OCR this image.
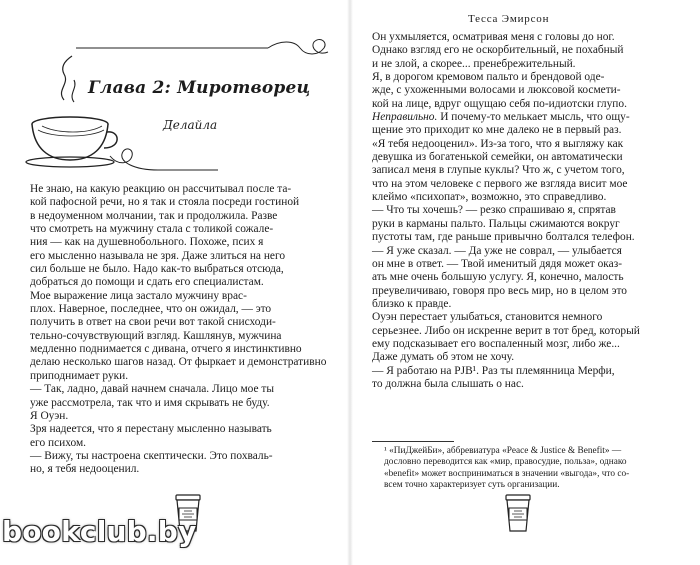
Глава 2: Миротворец
Делайла
Не знаю, на какую реакцию он рассчитывал после та-
кой пафосной речи, но я так и стояла посреди гостиной
в недоуменном молчании, так и продолжила. Разве
что смотреть на мужчину стала с толикой сожале-
ния — как на душевнобольного. Похоже, псих я
его мысленно называла не зря. Даже злиться на него
сил больше не было. Надо как-то выбраться отсюда,
добраться до помощи и сдать его специалистам.
Мое выражение лица застало мужчину врас-
плох. Наверное, последнее, что он ожидал, — это
получить в ответ на свои речи вот такой снисходи-
тельно-сочувствующий взгляд. Кашлянув, мужчина
медленно поднимается с дивана, отчего я инстинктивно
делаю несколько шагов назад. От фыркает и демонстративно
приподнимает руки.
— Так, ладно, давай начнем сначала. Лицо мое ты
уже рассмотрела, так что и имя скрывать не буду.
Я Оуэн.
Зря надеется, что я перестану мысленно называть
его психом.
— Вижу, ты настроена скептически. Это похваль-
но, я тебя недооценил.
Тесса Эмирсон
Он ухмыляется, осматривая меня с головы до ног.
Однако взгляд его не оскорбительный, не похабный
и не злой, а скорее... пренебрежительный.
Я, в дорогом кремовом пальто и брендовой оде-
жде, с ухоженными волосами и люксовой космети-
кой на лице, вдруг ощущаю себя по-идиотски глупо.
Неправильно. И почему-то мелькает мысль, что ощу-
щение это приходит ко мне далеко не в первый раз.
«Я тебя недооценил». Из-за того, что я выгляжу как
девушка из богатенькой семейки, он автоматически
записал меня в глупые куклы? Что ж, с учетом того,
что на этом человеке с первого же взгляда висит мое
клеймо «психопат», возможно, это справедливо.
— Что ты хочешь? — резко спрашиваю я, спрятав
руки в карманы пальто. Пальцы сжимаются вокруг
пустоты там, где раньше привычно болтался телефон.
— Я уже сказал. — Да уже не соврал, — улыбается
он мне в ответ. — Твой именитый дядя может оказ-
ать мне очень большую услугу. Я, конечно, малость
преувеличиваю, говоря про весь мир, но в целом это
близко к правде.
Оуэн перестает улыбаться, становится немного
серьезнее. Либо он искренне верит в тот бред, который
ему подсказывает его воспаленный мозг, либо же...
Даже думать об этом не хочу.
— Я работаю на PJB¹. Раз ты племянница Мерфи,
то должна была слышать о нас.
¹ «ПиДжейБи», аббревиатура «Peace & Justice & Benefit» —
дословно переводится как «мир, правосудие, польза», однако
«benefit» может восприниматься в значении «выгода», что со-
всем точно характеризует суть организации.
bookclub.by
